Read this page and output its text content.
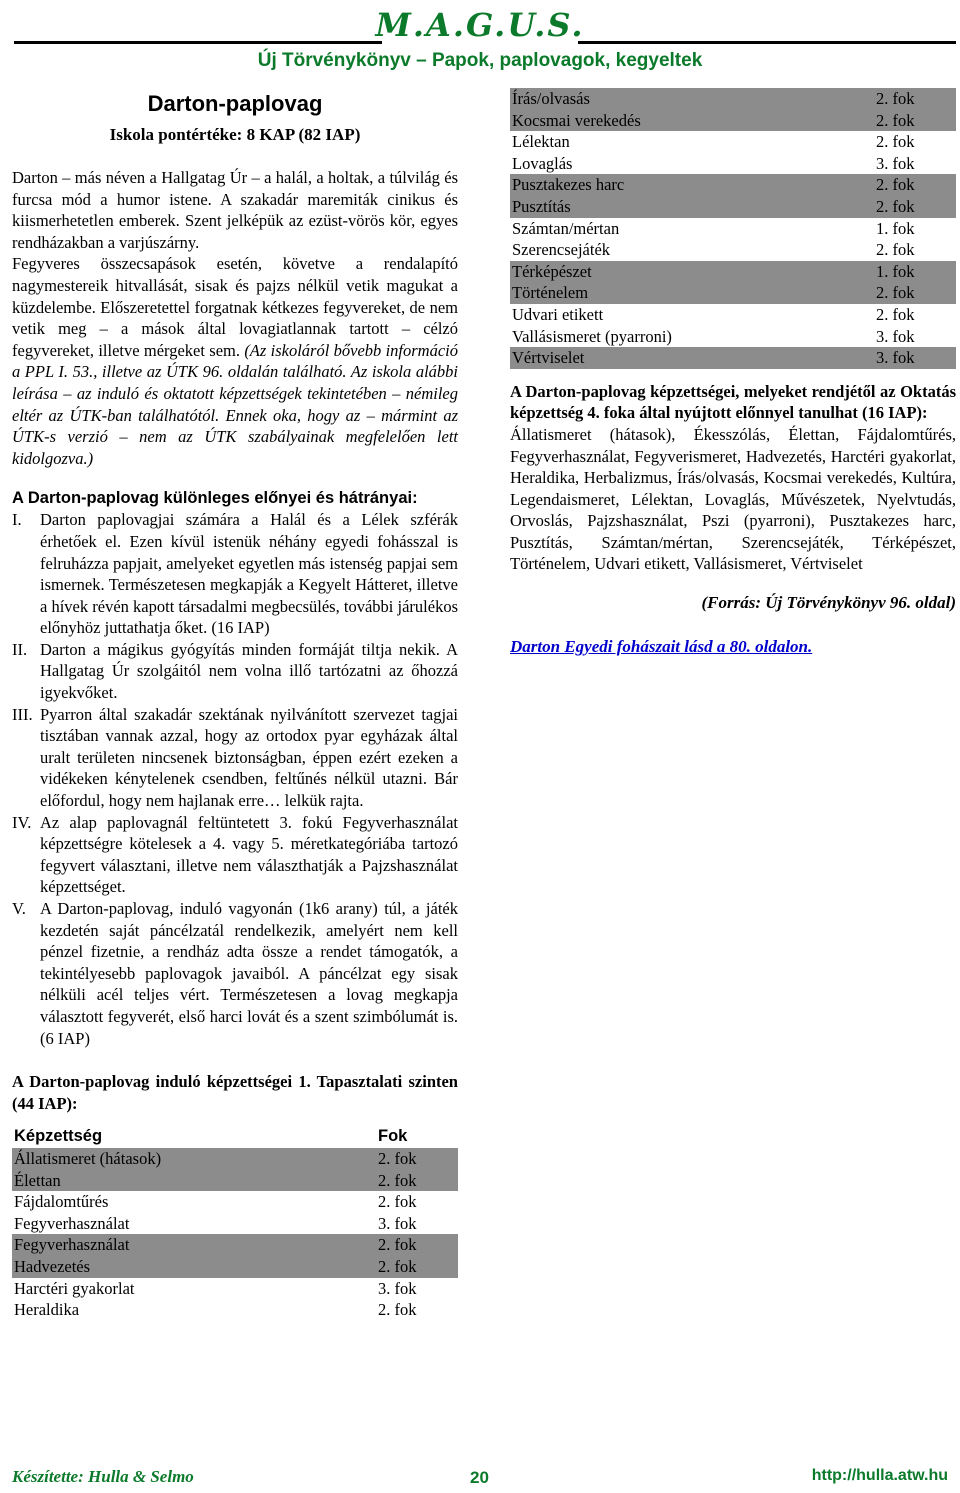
M.A.G.U.S.
Új Törvénykönyv – Papok, paplovagok, kegyeltek
Darton-paplovag
Iskola pontértéke: 8 KAP (82 IAP)

Darton – más néven a Hallgatag Úr – a halál, a holtak, a túlvilág és furcsa mód a humor istene. A szakadár maremiták cinikus és kiismerhetetlen emberek. Szent jelképük az ezüst-vörös kör, egyes rendházakban a varjúszárny.

Fegyveres összecsapások esetén, követve a rendalapító nagymestereik hitvallását, sisak és pajzs nélkül vetik magukat a küzdelembe. Előszeretettel forgatnak kétkezes fegyvereket, de nem vetik meg – a mások által lovagiatlannak tartott – célzó fegyvereket, illetve mérgeket sem. (Az iskoláról bővebb információ a PPL I. 53., illetve az ÚTK 96. oldalán található. Az iskola alábbi leírása – az induló és oktatott képzettségek tekintetében – némileg eltér az ÚTK-ban találhatótól. Ennek oka, hogy az – mármint az ÚTK-s verzió – nem az ÚTK szabályainak megfelelően lett kidolgozva.)

A Darton-paplovag különleges előnyei és hátrányai:
I. Darton paplovagjai számára a Halál és a Lélek szférák érhetőek el. Ezen kívül istenük néhány egyedi fohásszal is felruházza papjait, amelyeket egyetlen más istenség papjai sem ismernek. Természetesen megkapják a Kegyelt Hátteret, illetve a hívek révén kapott társadalmi megbecsülés, további járulékos előnyhöz juttathatja őket. (16 IAP)
II. Darton a mágikus gyógyítás minden formáját tiltja nekik. A Hallgatag Úr szolgáitól nem volna illő tartózatni az őhozzá igyekvőket.
III. Pyarron által szakadár szektának nyilvánított szervezet tagjai tisztában vannak azzal, hogy az ortodox pyar egyházak által uralt területen nincsenek biztonságban, éppen ezért ezeken a vidékeken kénytelenek csendben, feltűnés nélkül utazni. Bár előfordul, hogy nem hajlanak erre… lelkük rajta.
IV. Az alap paplovagnál feltüntetett 3. fokú Fegyverhasználat képzettségre kötelesek a 4. vagy 5. méretkategóriába tartozó fegyvert választani, illetve nem választhatják a Pajzshasználat képzettséget.
V. A Darton-paplovag, induló vagyonán (1k6 arany) túl, a játék kezdetén saját páncélzatál rendelkezik, amelyért nem kell pénzel fizetnie, a rendház adta össze a rendet támogatók, a tekintélyesebb paplovagok javaiból. A páncélzat egy sisak nélküli acél teljes vért. Természetesen a lovag megkapja választott fegyverét, első harci lovát és a szent szimbólumát is. (6 IAP)
A Darton-paplovag induló képzettségei 1. Tapasztalati szinten (44 IAP):
Képzettség	Fok
Állatismeret (hátasok)	2. fok
Élettan	2. fok
Fájdalomtűrés	2. fok
Fegyverhasználat	3. fok
Fegyverhasználat	2. fok
Hadvezetés	2. fok
Harctéri gyakorlat	3. fok
Heraldika	2. fok
Írás/olvasás	2. fok
Kocsmai verekedés	2. fok
Lélektan	2. fok
Lovaglás	3. fok
Pusztakezes harc	2. fok
Pusztítás	2. fok
Számtan/mértan	1. fok
Szerencsejáték	2. fok
Térképészet	1. fok
Történelem	2. fok
Udvari etikett	2. fok
Vallásismeret (pyarroni)	3. fok
Vértviselet	3. fok
A Darton-paplovag képzettségei, melyeket rendjétől az Oktatás képzettség 4. foka által nyújtott előnnyel tanulhat (16 IAP):

Állatismeret (hátasok), Ékesszólás, Élettan, Fájdalomtűrés, Fegyverhasználat, Fegyverismeret, Hadvezetés, Harctéri gyakorlat, Heraldika, Herbalizmus, Írás/olvasás, Kocsmai verekedés, Kultúra, Legendaismeret, Lélektan, Lovaglás, Művészetek, Nyelvtudás, Orvoslás, Pajzshasználat, Pszi (pyarroni), Pusztakezes harc, Pusztítás, Számtan/mértan, Szerencsejáték, Térképészet, Történelem, Udvari etikett, Vallásismeret, Vértviselet

(Forrás: Új Törvénykönyv 96. oldal)
Darton Egyedi fohászait lásd a 80. oldalon.
Készítette: Hulla & Selmo	20	http://hulla.atw.hu
